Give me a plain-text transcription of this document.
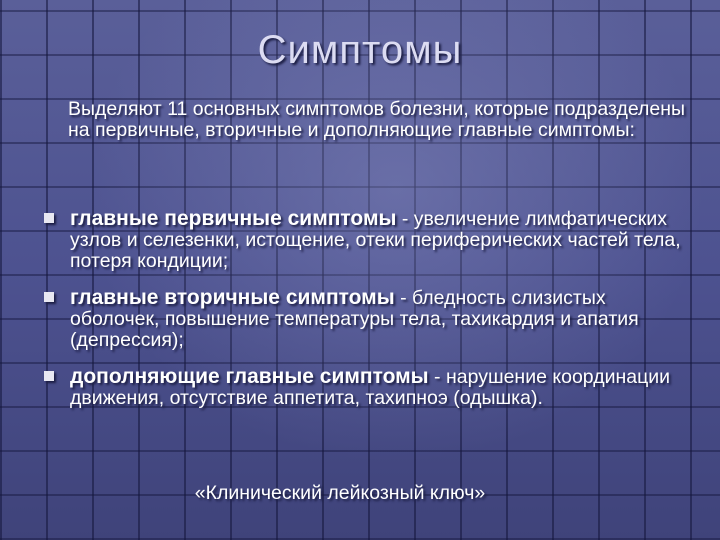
Симптомы
Выделяют 11 основных симптомов болезни, которые подразделены на первичные, вторичные и дополняющие главные симптомы:
главные первичные симптомы - увеличение лимфатических узлов и селезенки, истощение, отеки периферических частей тела, потеря кондиции;
главные вторичные симптомы - бледность слизистых оболочек, повышение температуры тела, тахикардия и апатия (депрессия);
дополняющие главные симптомы - нарушение координации движения, отсутствие аппетита, тахипноэ (одышка).
«Клинический лейкозный ключ»
